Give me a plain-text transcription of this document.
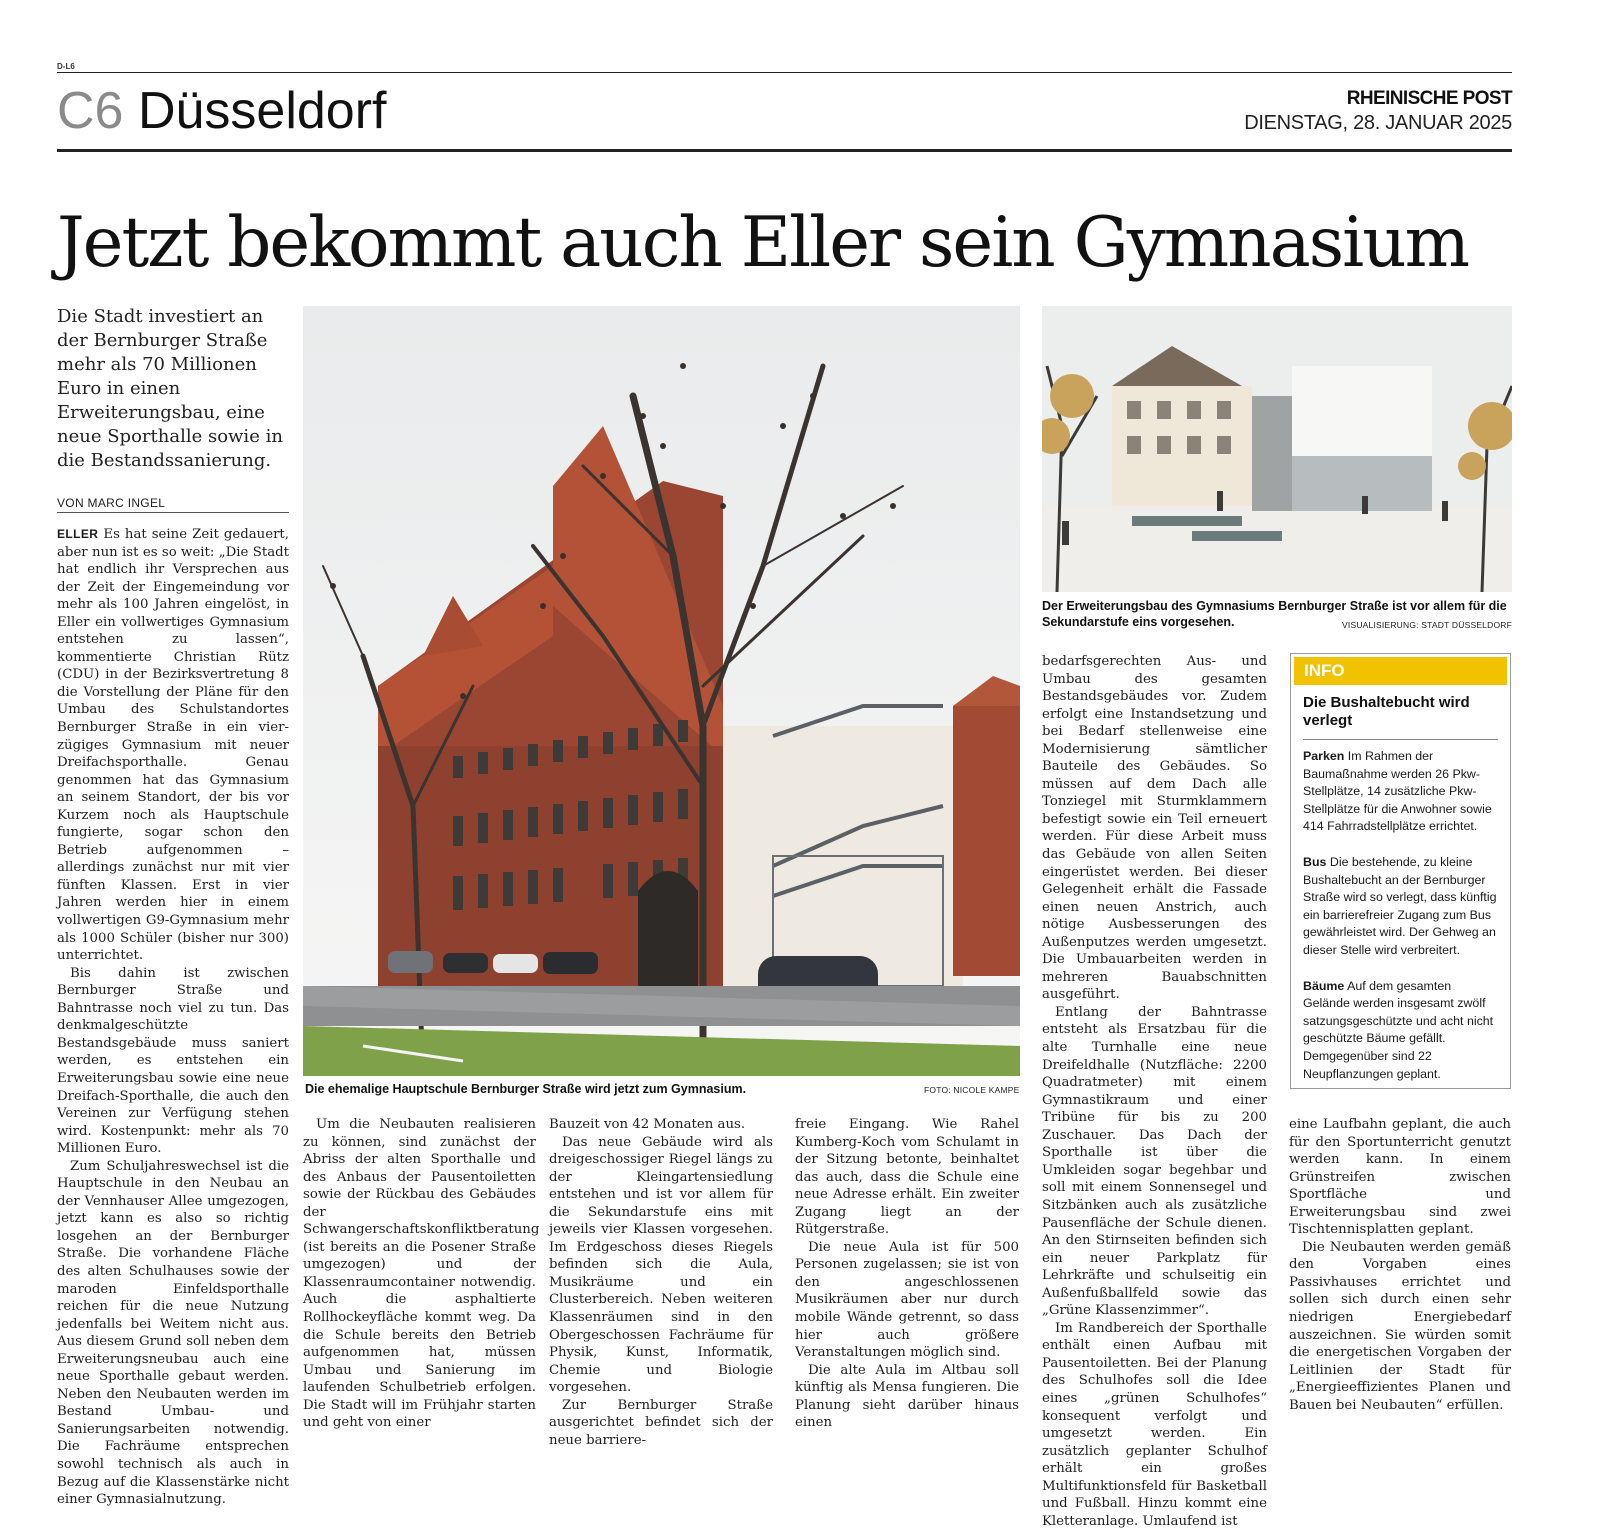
D-L6
C6 Düsseldorf	RHEINISCHE POST
DIENSTAG, 28. JANUAR 2025
Jetzt bekommt auch Eller sein Gymnasium
Die Stadt investiert an der Bernburger Straße mehr als 70 Millionen Euro in einen Erweiterungsbau, eine neue Sporthalle sowie in die Bestandssanierung.
VON MARC INGEL

ELLER Es hat seine Zeit gedauert, aber nun ist es so weit: „Die Stadt hat endlich ihr Versprechen aus der Zeit der Eingemeindung vor mehr als 100 Jahren eingelöst, in Eller ein vollwertiges Gymnasium entstehen zu lassen“, kommentierte Christian Rütz (CDU) in der Bezirksvertretung 8 die Vorstellung der Pläne für den Umbau des Schulstandortes Bernburger Straße in ein vier-zügiges Gymnasium mit neuer Dreifachsporthalle. Genau genommen hat das Gymnasium an seinem Standort, der bis vor Kurzem noch als Hauptschule fungierte, sogar schon den Betrieb aufgenommen – allerdings zunächst nur mit vier fünften Klassen. Erst in vier Jahren werden hier in einem vollwertigen G9-Gymnasium mehr als 1000 Schüler (bisher nur 300) unterrichtet.

Bis dahin ist zwischen Bernburger Straße und Bahntrasse noch viel zu tun. Das denkmalgeschützte Bestandsgebäude muss saniert werden, es entstehen ein Erweiterungsbau sowie eine neue Dreifach-Sporthalle, die auch den Vereinen zur Verfügung stehen wird. Kostenpunkt: mehr als 70 Millionen Euro.

Zum Schuljahreswechsel ist die Hauptschule in den Neubau an der Vennhauser Allee umgezogen, jetzt kann es also so richtig losgehen an der Bernburger Straße. Die vorhandene Fläche des alten Schulhauses sowie der maroden Einfeldsporthalle reichen für die neue Nutzung jedenfalls bei Weitem nicht aus. Aus diesem Grund soll neben dem Erweiterungsneubau auch eine neue Sporthalle gebaut werden. Neben den Neubauten werden im Bestand Umbau- und Sanierungsarbeiten notwendig. Die Fachräume entsprechen sowohl technisch als auch in Bezug auf die Klassenstärke nicht einer Gymnasialnutzung.

Die ehemalige Hauptschule Bernburger Straße wird jetzt zum Gymnasium.	FOTO: NICOLE KAMPE
Der Erweiterungsbau des Gymnasiums Bernburger Straße ist vor allem für die Sekundarstufe eins vorgesehen.	VISUALISIERUNG: STADT DÜSSELDORF

Um die Neubauten realisieren zu können, sind zunächst der Abriss der alten Sporthalle und des Anbaus der Pausentoiletten sowie der Rückbau des Gebäudes der Schwangerschaftskonfliktberatung (ist bereits an die Posener Straße umgezogen) und der Klassenraumcontainer notwendig. Auch die asphaltierte Rollhockeyfläche kommt weg. Da die Schule bereits den Betrieb aufgenommen hat, müssen Umbau und Sanierung im laufenden Schulbetrieb erfolgen. Die Stadt will im Frühjahr starten und geht von einer

Bauzeit von 42 Monaten aus.

Das neue Gebäude wird als dreigeschossiger Riegel längs zu der Kleingartensiedlung entstehen und ist vor allem für die Sekundarstufe eins mit jeweils vier Klassen vorgesehen. Im Erdgeschoss dieses Riegels befinden sich die Aula, Musikräume und ein Clusterbereich. Neben weiteren Klassenräumen sind in den Obergeschossen Fachräume für Physik, Kunst, Informatik, Chemie und Biologie vorgesehen.

Zur Bernburger Straße ausgerichtet befindet sich der neue barriere-

freie Eingang. Wie Rahel Kumberg-Koch vom Schulamt in der Sitzung betonte, beinhaltet das auch, dass die Schule eine neue Adresse erhält. Ein zweiter Zugang liegt an der Rütgerstraße.

Die neue Aula ist für 500 Personen zugelassen; sie ist von den angeschlossenen Musikräumen aber nur durch mobile Wände getrennt, so dass hier auch größere Veranstaltungen möglich sind.

Die alte Aula im Altbau soll künftig als Mensa fungieren. Die Planung sieht darüber hinaus einen

bedarfsgerechten Aus- und Umbau des gesamten Bestandsgebäudes vor. Zudem erfolgt eine Instandsetzung und bei Bedarf stellenweise eine Modernisierung sämtlicher Bauteile des Gebäudes. So müssen auf dem Dach alle Tonziegel mit Sturmklammern befestigt sowie ein Teil erneuert werden. Für diese Arbeit muss das Gebäude von allen Seiten eingerüstet werden. Bei dieser Gelegenheit erhält die Fassade einen neuen Anstrich, auch nötige Ausbesserungen des Außenputzes werden umgesetzt. Die Umbauarbeiten werden in mehreren Bauabschnitten ausgeführt.

Entlang der Bahntrasse entsteht als Ersatzbau für die alte Turnhalle eine neue Dreifeldhalle (Nutzfläche: 2200 Quadratmeter) mit einem Gymnastikraum und einer Tribüne für bis zu 200 Zuschauer. Das Dach der Sporthalle ist über die Umkleiden sogar begehbar und soll mit einem Sonnensegel und Sitzbänken auch als zusätzliche Pausenfläche der Schule dienen. An den Stirnseiten befinden sich ein neuer Parkplatz für Lehrkräfte und schulseitig ein Außenfußballfeld sowie das „Grüne Klassenzimmer“.

Im Randbereich der Sporthalle enthält einen Aufbau mit Pausentoiletten. Bei der Planung des Schulhofes soll die Idee eines „grünen Schulhofes“ konsequent verfolgt und umgesetzt werden. Ein zusätzlich geplanter Schulhof erhält ein großes Multifunktionsfeld für Basketball und Fußball. Hinzu kommt eine Kletteranlage. Umlaufend ist

eine Laufbahn geplant, die auch für den Sportunterricht genutzt werden kann. In einem Grünstreifen zwischen Sportfläche und Erweiterungsbau sind zwei Tischtennisplatten geplant.

Die Neubauten werden gemäß den Vorgaben eines Passivhauses errichtet und sollen sich durch einen sehr niedrigen Energiebedarf auszeichnen. Sie würden somit die energetischen Vorgaben der Leitlinien der Stadt für „Energieeffizientes Planen und Bauen bei Neubauten“ erfüllen.

INFO
Die Bushaltebucht wird verlegt

Parken Im Rahmen der Baumaßnahme werden 26 Pkw-Stellplätze, 14 zusätzliche Pkw-Stellplätze für die Anwohner sowie 414 Fahrradstellplätze errichtet.

Bus Die bestehende, zu kleine Bushaltebucht an der Bernburger Straße wird so verlegt, dass künftig ein barrierefreier Zugang zum Bus gewährleistet wird. Der Gehweg an dieser Stelle wird verbreitert.

Bäume Auf dem gesamten Gelände werden insgesamt zwölf satzungsgeschützte und acht nicht geschützte Bäume gefällt. Demgegenüber sind 22 Neupflanzungen geplant.
